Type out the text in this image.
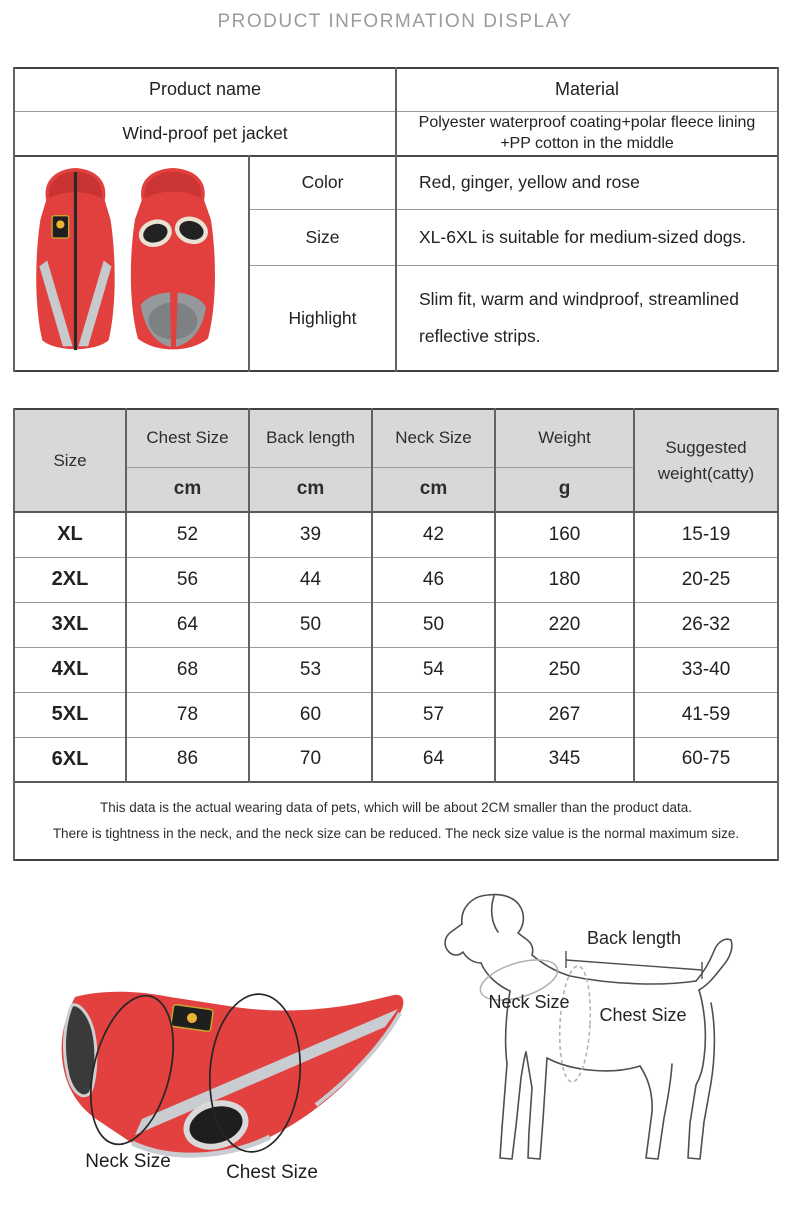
PRODUCT INFORMATION DISPLAY
Product name		Material
Wind-proof pet jacket		Polyester waterproof coating+polar fleece lining +PP cotton in the middle
	Color	Red, ginger, yellow and rose
	Size	XL-6XL is suitable for medium-sized dogs.
	Highlight	Slim fit, warm and windproof, streamlined reflective strips.
Size	Chest Size	Back length	Neck Size	Weight	Suggested weight(catty)
	cm	cm	cm	g	
XL	52	39	42	160	15-19
2XL	56	44	46	180	20-25
3XL	64	50	50	220	26-32
4XL	68	53	54	250	33-40
5XL	78	60	57	267	41-59
6XL	86	70	64	345	60-75

This data is the actual wearing data of pets, which will be about 2CM smaller than the product data.
There is tightness in the neck, and the neck size can be reduced. The neck size value is the normal maximum size.					
Neck Size
Chest Size
Back length
Neck Size
Chest Size
